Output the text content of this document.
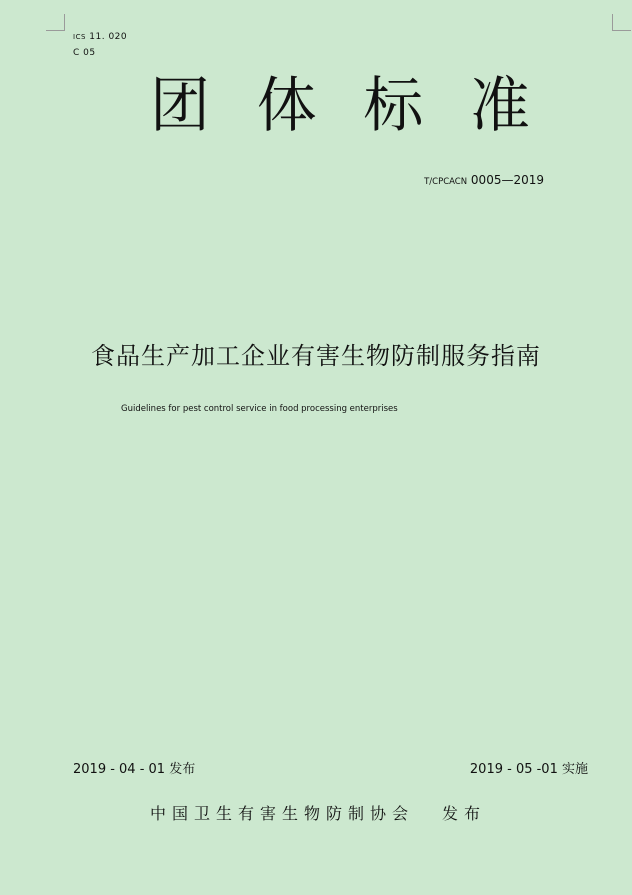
ICS 11. 020
C 05
团 体 标 准
T/CPCACN 0005—2019
食品生产加工企业有害生物防制服务指南
Guidelines for pest control service in food processing enterprises
2019 - 04 - 01 发布	2019 - 05 -01 实施
中国卫生有害生物防制协会 发布
